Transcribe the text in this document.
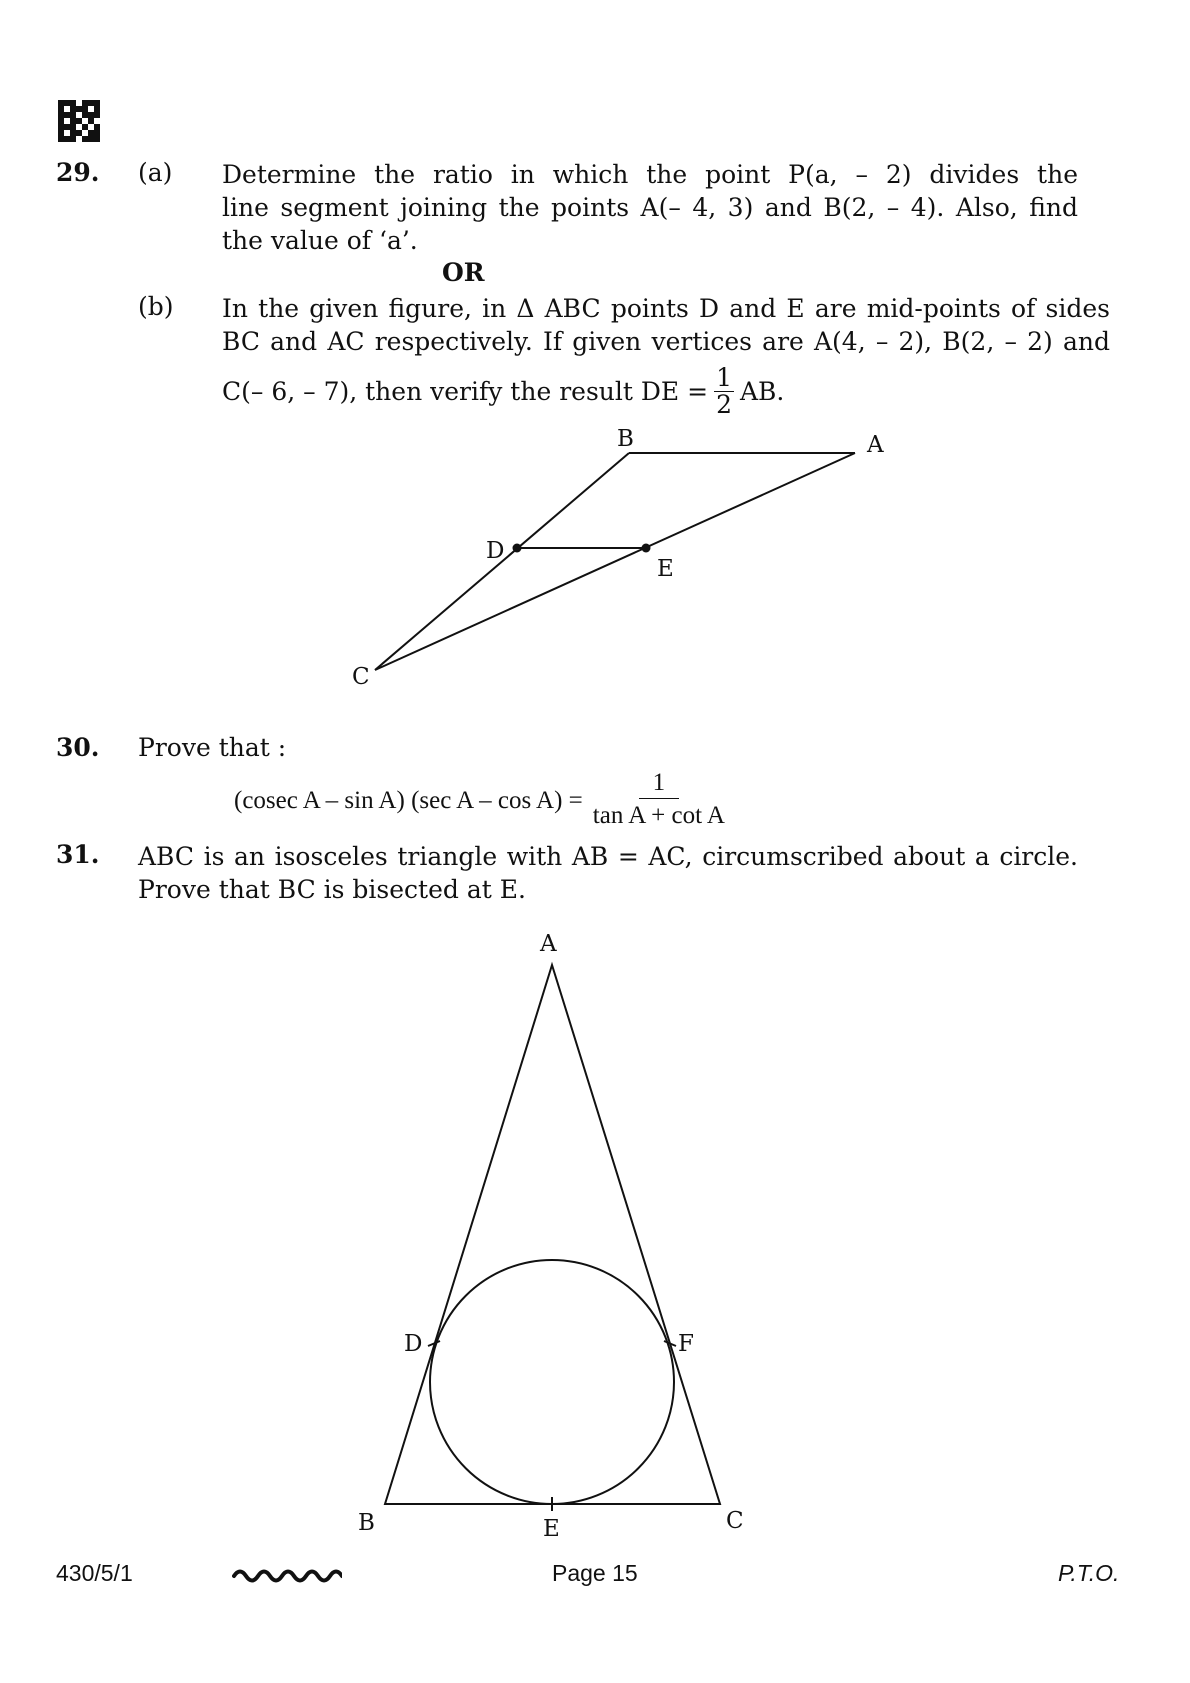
29. (a) Determine the ratio in which the point P(a, – 2) divides the
line segment joining the points A(– 4, 3) and B(2, – 4). Also, find
the value of ‘a’.
OR
(b) In the given figure, in Δ ABC points D and E are mid-points of sides
BC and AC respectively. If given vertices are A(4, – 2), B(2, – 2) and
C(– 6, – 7), then verify the result DE = $\frac{1}{2}$ AB.
B	A
D
E
C
30. Prove that :
(cosec A – sin A) (sec $A - \cos A) = \frac{1}{\text{tan A + cot A}}$
31. ABC is an isosceles triangle with AB = AC, circumscribed about a circle.
Prove that BC is bisected at E.
A
B	E	C
D	F
430/5/1	Page 15	P.T.O.
